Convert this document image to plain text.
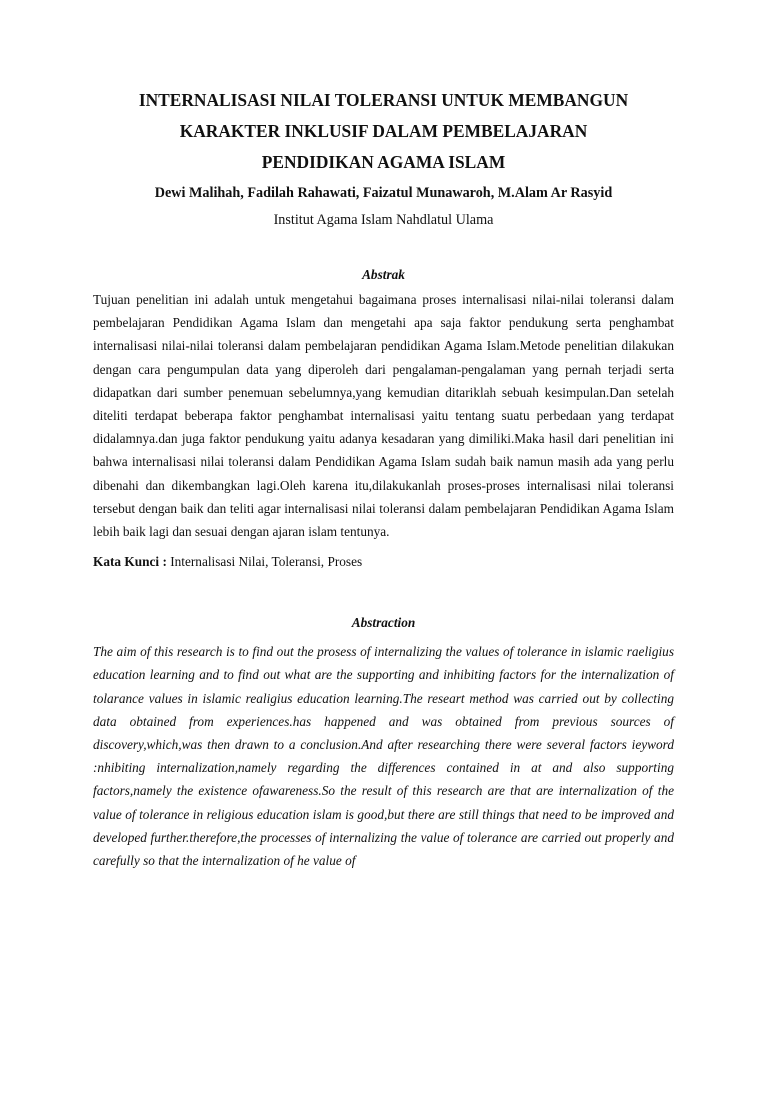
INTERNALISASI NILAI TOLERANSI UNTUK MEMBANGUN
KARAKTER INKLUSIF DALAM PEMBELAJARAN
PENDIDIKAN AGAMA ISLAM
Dewi Malihah, Fadilah Rahawati, Faizatul Munawaroh, M.Alam Ar Rasyid
Institut Agama Islam Nahdlatul Ulama
Abstrak

Tujuan penelitian ini adalah untuk mengetahui bagaimana proses internalisasi nilai-nilai toleransi dalam pembelajaran Pendidikan Agama Islam dan mengetahi apa saja faktor pendukung serta penghambat internalisasi nilai-nilai toleransi dalam pembelajaran pendidikan Agama Islam.Metode penelitian dilakukan dengan cara pengumpulan data yang diperoleh dari pengalaman-pengalaman yang pernah terjadi serta didapatkan dari sumber penemuan sebelumnya,yang kemudian ditariklah sebuah kesimpulan.Dan setelah diteliti terdapat beberapa faktor penghambat internalisasi yaitu tentang suatu perbedaan yang terdapat didalamnya.dan juga faktor pendukung yaitu adanya kesadaran yang dimiliki.Maka hasil dari penelitian ini bahwa internalisasi nilai toleransi dalam Pendidikan Agama Islam sudah baik namun masih ada yang perlu dibenahi dan dikembangkan lagi.Oleh karena itu,dilakukanlah proses-proses internalisasi nilai toleransi tersebut dengan baik dan teliti agar internalisasi nilai toleransi dalam pembelajaran Pendidikan Agama Islam lebih baik lagi dan sesuai dengan ajaran islam tentunya.

Kata Kunci : Internalisasi Nilai, Toleransi, Proses
Abstraction

The aim of this research is to find out the prosess of internalizing the values of tolerance in islamic raeligius education learning and to find out what are the supporting and inhibiting factors for the internalization of tolarance values in islamic realigius education learning.The researt method was carried out by collecting data obtained from experiences.has happened and was obtained from previous sources of discovery,which,was then drawn to a conclusion.And after researching there were several factors ieyword :nhibiting internalization,namely regarding the differences contained in at and also supporting factors,namely the existence ofawareness.So the result of this research are that are internalization of the value of tolerance in religious education islam is good,but there are still things that need to be improved and developed further.therefore,the processes of internalizing the value of tolerance are carried out properly and carefully so that the internalization of he value of
